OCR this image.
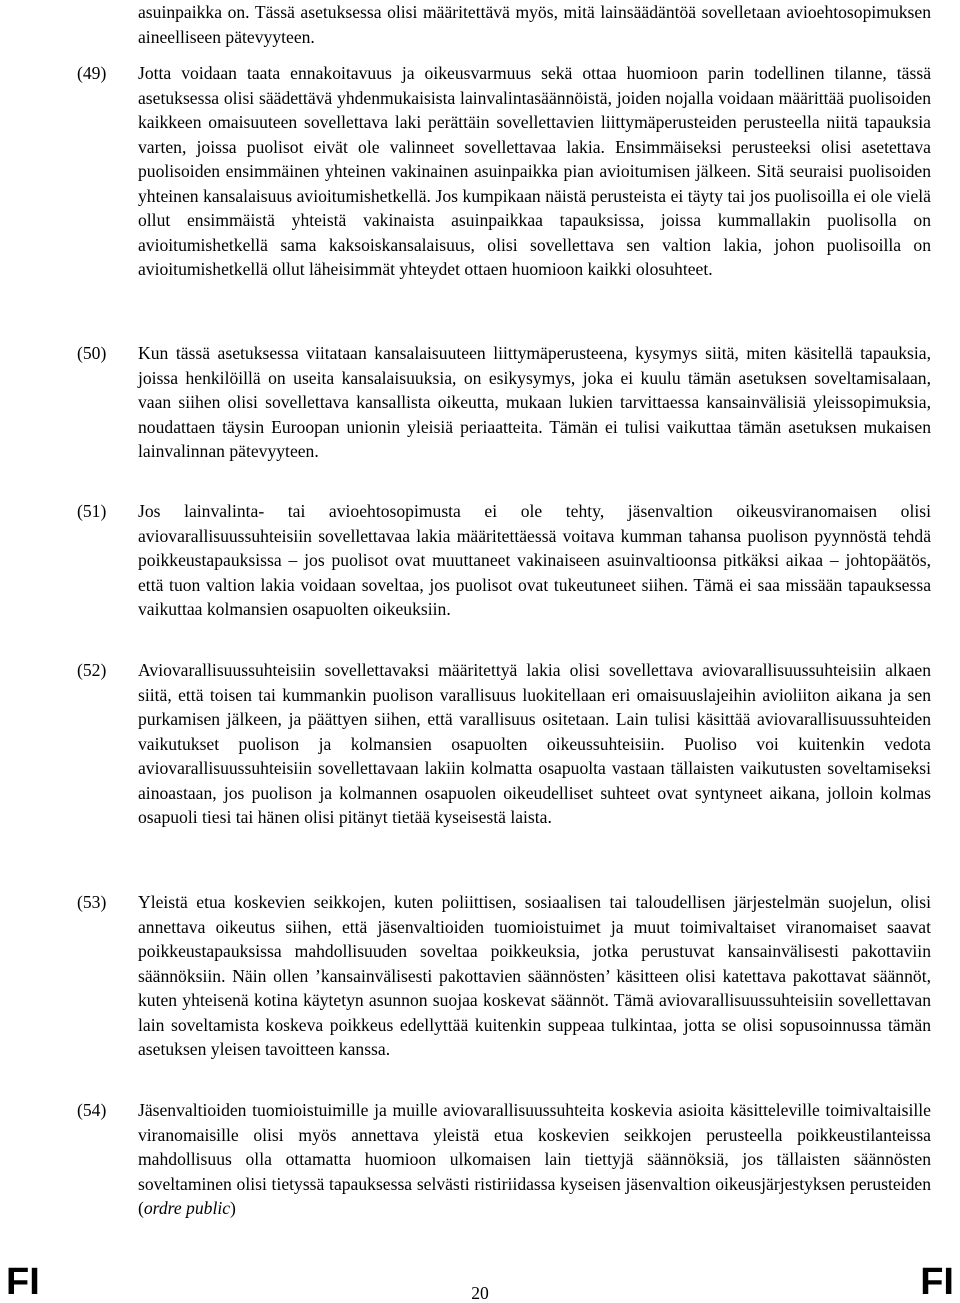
asuinpaikka on. Tässä asetuksessa olisi määritettävä myös, mitä lainsäädäntöä sovelletaan avioehtosopimuksen aineelliseen pätevyyteen.
(49) Jotta voidaan taata ennakoitavuus ja oikeusvarmuus sekä ottaa huomioon parin todellinen tilanne, tässä asetuksessa olisi säädettävä yhdenmukaisista lainvalintasäännöistä, joiden nojalla voidaan määrittää puolisoiden kaikkeen omaisuuteen sovellettava laki perättäin sovellettavien liittymäperusteiden perusteella niitä tapauksia varten, joissa puolisot eivät ole valinneet sovellettavaa lakia. Ensimmäiseksi perusteeksi olisi asetettava puolisoiden ensimmäinen yhteinen vakinainen asuinpaikka pian avioitumisen jälkeen. Sitä seuraisi puolisoiden yhteinen kansalaisuus avioitumishetkellä. Jos kumpikaan näistä perusteista ei täyty tai jos puolisoilla ei ole vielä ollut ensimmäistä yhteistä vakinaista asuinpaikkaa tapauksissa, joissa kummallakin puolisolla on avioitumishetkellä sama kaksoiskansalaisuus, olisi sovellettava sen valtion lakia, johon puolisoilla on avioitumishetkellä ollut läheisimmät yhteydet ottaen huomioon kaikki olosuhteet.
(50) Kun tässä asetuksessa viitataan kansalaisuuteen liittymäperusteena, kysymys siitä, miten käsitellä tapauksia, joissa henkilöillä on useita kansalaisuuksia, on esikysymys, joka ei kuulu tämän asetuksen soveltamisalaan, vaan siihen olisi sovellettava kansallista oikeutta, mukaan lukien tarvittaessa kansainvälisiä yleissopimuksia, noudattaen täysin Euroopan unionin yleisiä periaatteita. Tämän ei tulisi vaikuttaa tämän asetuksen mukaisen lainvalinnan pätevyyteen.
(51) Jos lainvalinta- tai avioehtosopimusta ei ole tehty, jäsenvaltion oikeusviranomaisen olisi aviovarallisuussuhteisiin sovellettavaa lakia määritettäessä voitava kumman tahansa puolison pyynnöstä tehdä poikkeustapauksissa – jos puolisot ovat muuttaneet vakinaiseen asuinvaltioonsa pitkäksi aikaa – johtopäätös, että tuon valtion lakia voidaan soveltaa, jos puolisot ovat tukeutuneet siihen. Tämä ei saa missään tapauksessa vaikuttaa kolmansien osapuolten oikeuksiin.
(52) Aviovarallisuussuhteisiin sovellettavaksi määritettyä lakia olisi sovellettava aviovarallisuussuhteisiin alkaen siitä, että toisen tai kummankin puolison varallisuus luokitellaan eri omaisuuslajeihin avioliiton aikana ja sen purkamisen jälkeen, ja päättyen siihen, että varallisuus ositetaan. Lain tulisi käsittää aviovarallisuussuhteiden vaikutukset puolison ja kolmansien osapuolten oikeussuhteisiin. Puoliso voi kuitenkin vedota aviovarallisuussuhteisiin sovellettavaan lakiin kolmatta osapuolta vastaan tällaisten vaikutusten soveltamiseksi ainoastaan, jos puolison ja kolmannen osapuolen oikeudelliset suhteet ovat syntyneet aikana, jolloin kolmas osapuoli tiesi tai hänen olisi pitänyt tietää kyseisestä laista.
(53) Yleistä etua koskevien seikkojen, kuten poliittisen, sosiaalisen tai taloudellisen järjestelmän suojelun, olisi annettava oikeutus siihen, että jäsenvaltioiden tuomioistuimet ja muut toimivaltaiset viranomaiset saavat poikkeustapauksissa mahdollisuuden soveltaa poikkeuksia, jotka perustuvat kansainvälisesti pakottaviin säännöksiin. Näin ollen ’kansainvälisesti pakottavien säännösten’ käsitteen olisi katettava pakottavat säännöt, kuten yhteisenä kotina käytetyn asunnon suojaa koskevat säännöt. Tämä aviovarallisuussuhteisiin sovellettavan lain soveltamista koskeva poikkeus edellyttää kuitenkin suppeaa tulkintaa, jotta se olisi sopusoinnussa tämän asetuksen yleisen tavoitteen kanssa.
(54) Jäsenvaltioiden tuomioistuimille ja muille aviovarallisuussuhteita koskevia asioita käsitteleville toimivaltaisille viranomaisille olisi myös annettava yleistä etua koskevien seikkojen perusteella poikkeustilanteissa mahdollisuus olla ottamatta huomioon ulkomaisen lain tiettyjä säännöksiä, jos tällaisten säännösten soveltaminen olisi tietyssä tapauksessa selvästi ristiriidassa kyseisen jäsenvaltion oikeusjärjestyksen perusteiden (ordre public)
FI	20	FI
